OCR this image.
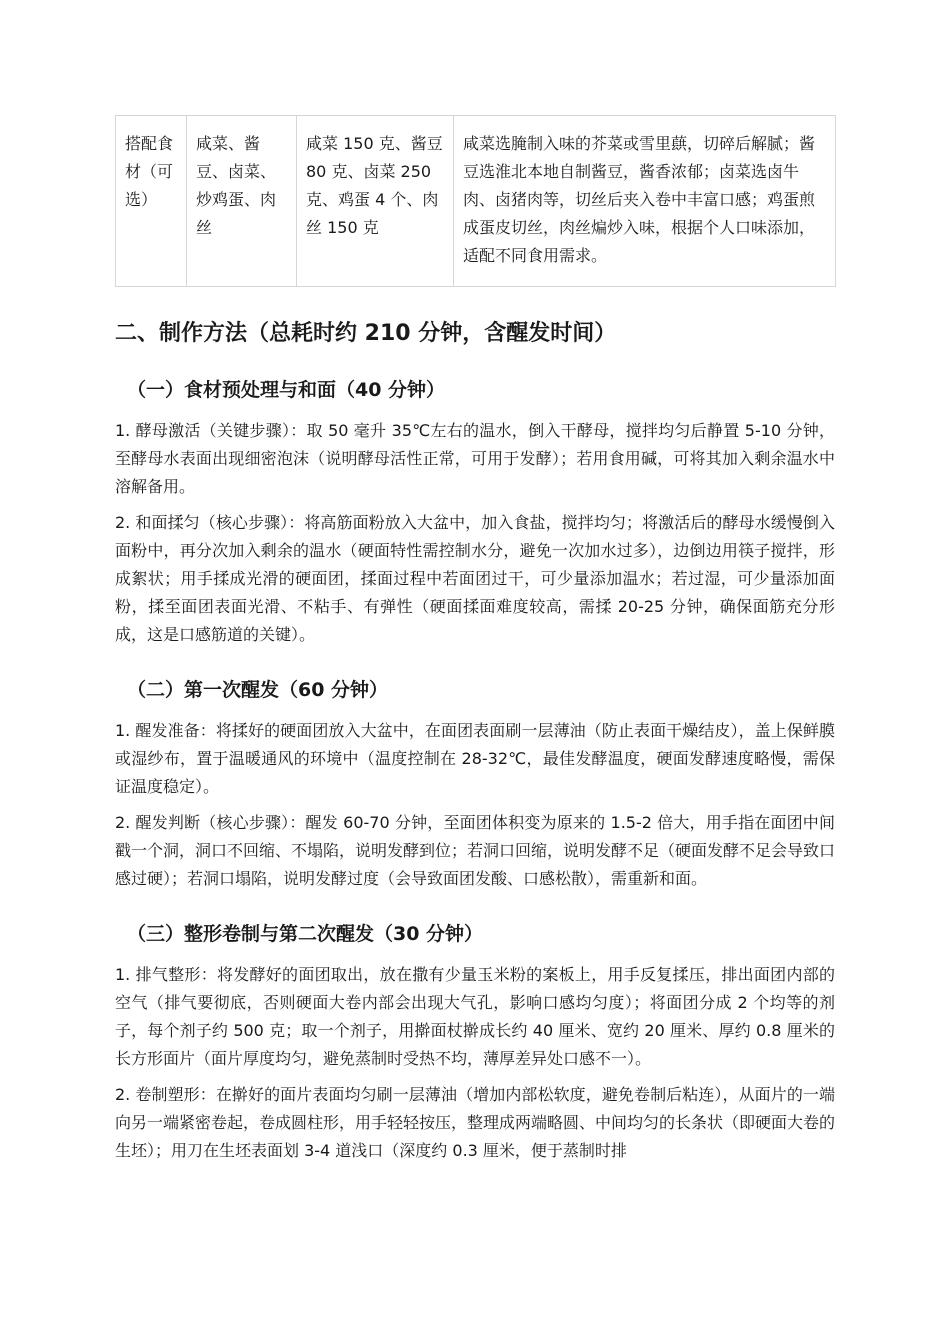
搭配食材（可选）	咸菜、酱豆、卤菜、炒鸡蛋、肉丝	咸菜 150 克、酱豆 80 克、卤菜 250 克、鸡蛋 4 个、肉丝 150 克	咸菜选腌制入味的芥菜或雪里蕻，切碎后解腻；酱豆选淮北本地自制酱豆，酱香浓郁；卤菜选卤牛肉、卤猪肉等，切丝后夹入卷中丰富口感；鸡蛋煎成蛋皮切丝，肉丝煸炒入味，根据个人口味添加，适配不同食用需求。
二、制作方法（总耗时约 210 分钟，含醒发时间）
（一）食材预处理与和面（40 分钟）

1. 酵母激活（关键步骤）：取 50 毫升 35℃左右的温水，倒入干酵母，搅拌均匀后静置 5-10 分钟，至酵母水表面出现细密泡沫（说明酵母活性正常，可用于发酵）；若用食用碱，可将其加入剩余温水中溶解备用。

2. 和面揉匀（核心步骤）：将高筋面粉放入大盆中，加入食盐，搅拌均匀；将激活后的酵母水缓慢倒入面粉中，再分次加入剩余的温水（硬面特性需控制水分，避免一次加水过多），边倒边用筷子搅拌，形成絮状；用手揉成光滑的硬面团，揉面过程中若面团过干，可少量添加温水；若过湿，可少量添加面粉，揉至面团表面光滑、不粘手、有弹性（硬面揉面难度较高，需揉 20-25 分钟，确保面筋充分形成，这是口感筋道的关键）。

（二）第一次醒发（60 分钟）

1. 醒发准备：将揉好的硬面团放入大盆中，在面团表面刷一层薄油（防止表面干燥结皮），盖上保鲜膜或湿纱布，置于温暖通风的环境中（温度控制在 28-32℃，最佳发酵温度，硬面发酵速度略慢，需保证温度稳定）。

2. 醒发判断（核心步骤）：醒发 60-70 分钟，至面团体积变为原来的 1.5-2 倍大，用手指在面团中间戳一个洞，洞口不回缩、不塌陷，说明发酵到位；若洞口回缩，说明发酵不足（硬面发酵不足会导致口感过硬）；若洞口塌陷，说明发酵过度（会导致面团发酸、口感松散），需重新和面。

（三）整形卷制与第二次醒发（30 分钟）

1. 排气整形：将发酵好的面团取出，放在撒有少量玉米粉的案板上，用手反复揉压，排出面团内部的空气（排气要彻底，否则硬面大卷内部会出现大气孔，影响口感均匀度）；将面团分成 2 个均等的剂子，每个剂子约 500 克；取一个剂子，用擀面杖擀成长约 40 厘米、宽约 20 厘米、厚约 0.8 厘米的长方形面片（面片厚度均匀，避免蒸制时受热不均，薄厚差异处口感不一）。

2. 卷制塑形：在擀好的面片表面均匀刷一层薄油（增加内部松软度，避免卷制后粘连），从面片的一端向另一端紧密卷起，卷成圆柱形，用手轻轻按压，整理成两端略圆、中间均匀的长条状（即硬面大卷的生坯）；用刀在生坯表面划 3-4 道浅口（深度约 0.3 厘米，便于蒸制时排
